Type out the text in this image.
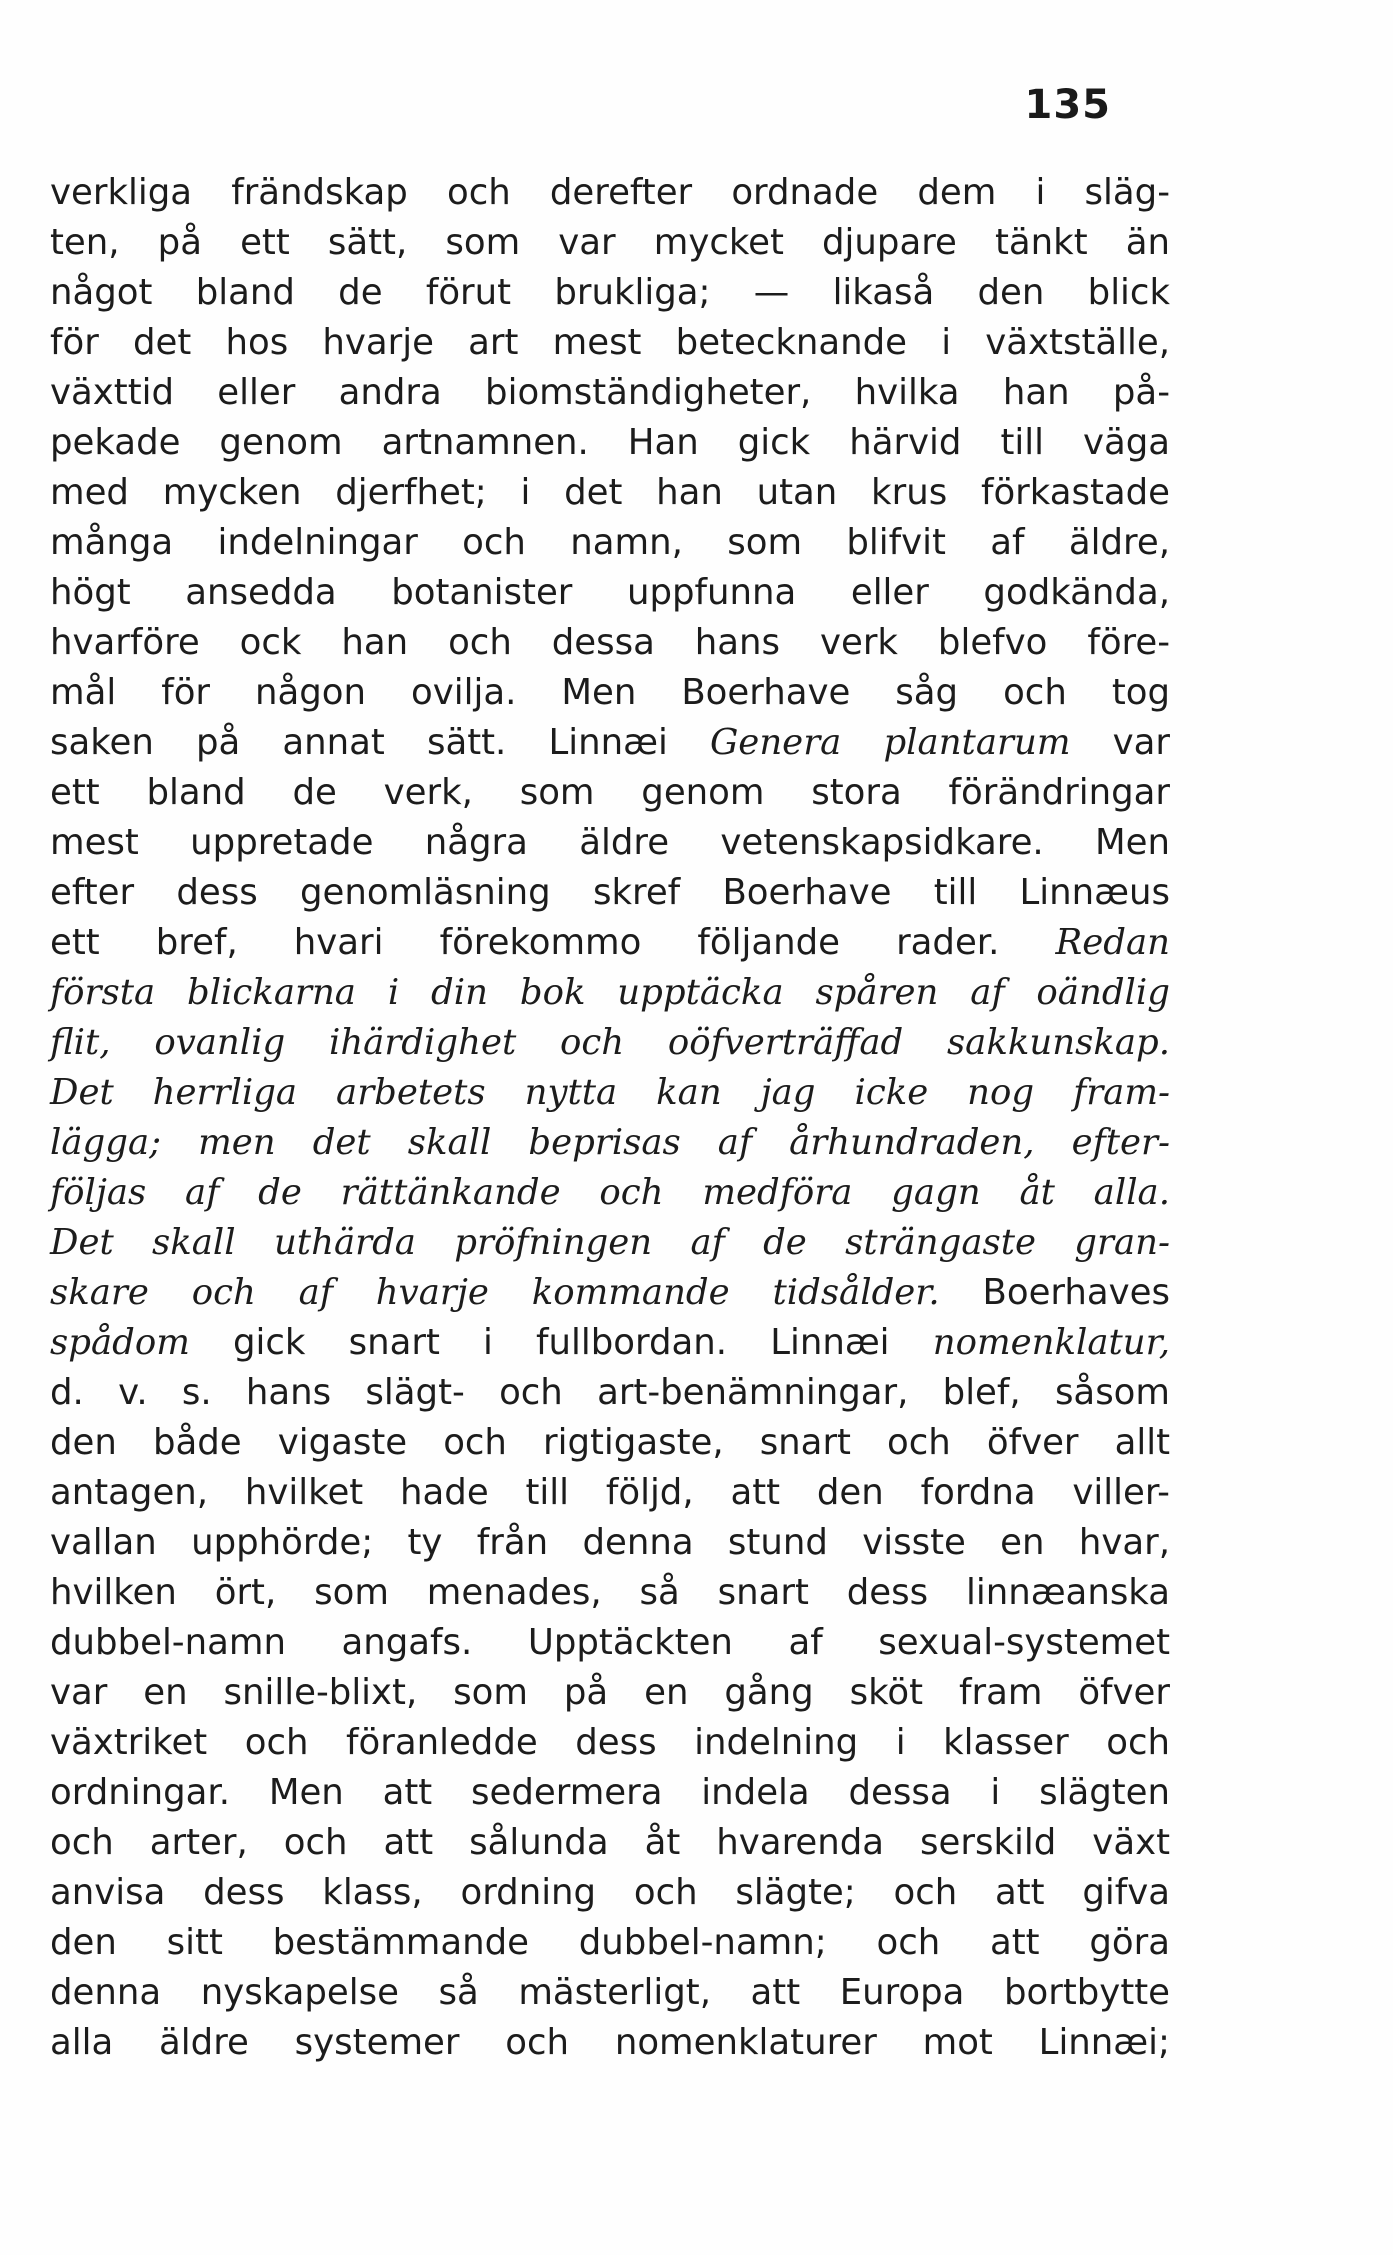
135
verkliga frändskap och derefter ordnade dem i släg-
ten, på ett sätt, som var mycket djupare tänkt än
något bland de förut brukliga; — likaså den blick
för det hos hvarje art mest betecknande i växtställe,
växttid eller andra biomständigheter, hvilka han på-
pekade genom artnamnen. Han gick härvid till väga
med mycken djerfhet; i det han utan krus förkastade
många indelningar och namn, som blifvit af äldre,
högt ansedda botanister uppfunna eller godkända,
hvarföre ock han och dessa hans verk blefvo före-
mål för någon ovilja. Men Boerhave såg och tog
saken på annat sätt. Linnæi Genera plantarum var
ett bland de verk, som genom stora förändringar
mest uppretade några äldre vetenskapsidkare. Men
efter dess genomläsning skref Boerhave till Linnæus
ett bref, hvari förekommo följande rader. Redan
första blickarna i din bok upptäcka spåren af oändlig
flit, ovanlig ihärdighet och oöfverträffad sakkunskap.
Det herrliga arbetets nytta kan jag icke nog fram-
lägga; men det skall beprisas af århundraden, efter-
följas af de rättänkande och medföra gagn åt alla.
Det skall uthärda pröfningen af de strängaste gran-
skare och af hvarje kommande tidsålder. Boerhaves
spådom gick snart i fullbordan. Linnæi nomenklatur,
d. v. s. hans slägt- och art-benämningar, blef, såsom
den både vigaste och rigtigaste, snart och öfver allt
antagen, hvilket hade till följd, att den fordna viller-
vallan upphörde; ty från denna stund visste en hvar,
hvilken ört, som menades, så snart dess linnæanska
dubbel-namn angafs. Upptäckten af sexual-systemet
var en snille-blixt, som på en gång sköt fram öfver
växtriket och föranledde dess indelning i klasser och
ordningar. Men att sedermera indela dessa i slägten
och arter, och att sålunda åt hvarenda serskild växt
anvisa dess klass, ordning och slägte; och att gifva
den sitt bestämmande dubbel-namn; och att göra
denna nyskapelse så mästerligt, att Europa bortbytte
alla äldre systemer och nomenklaturer mot Linnæi;
